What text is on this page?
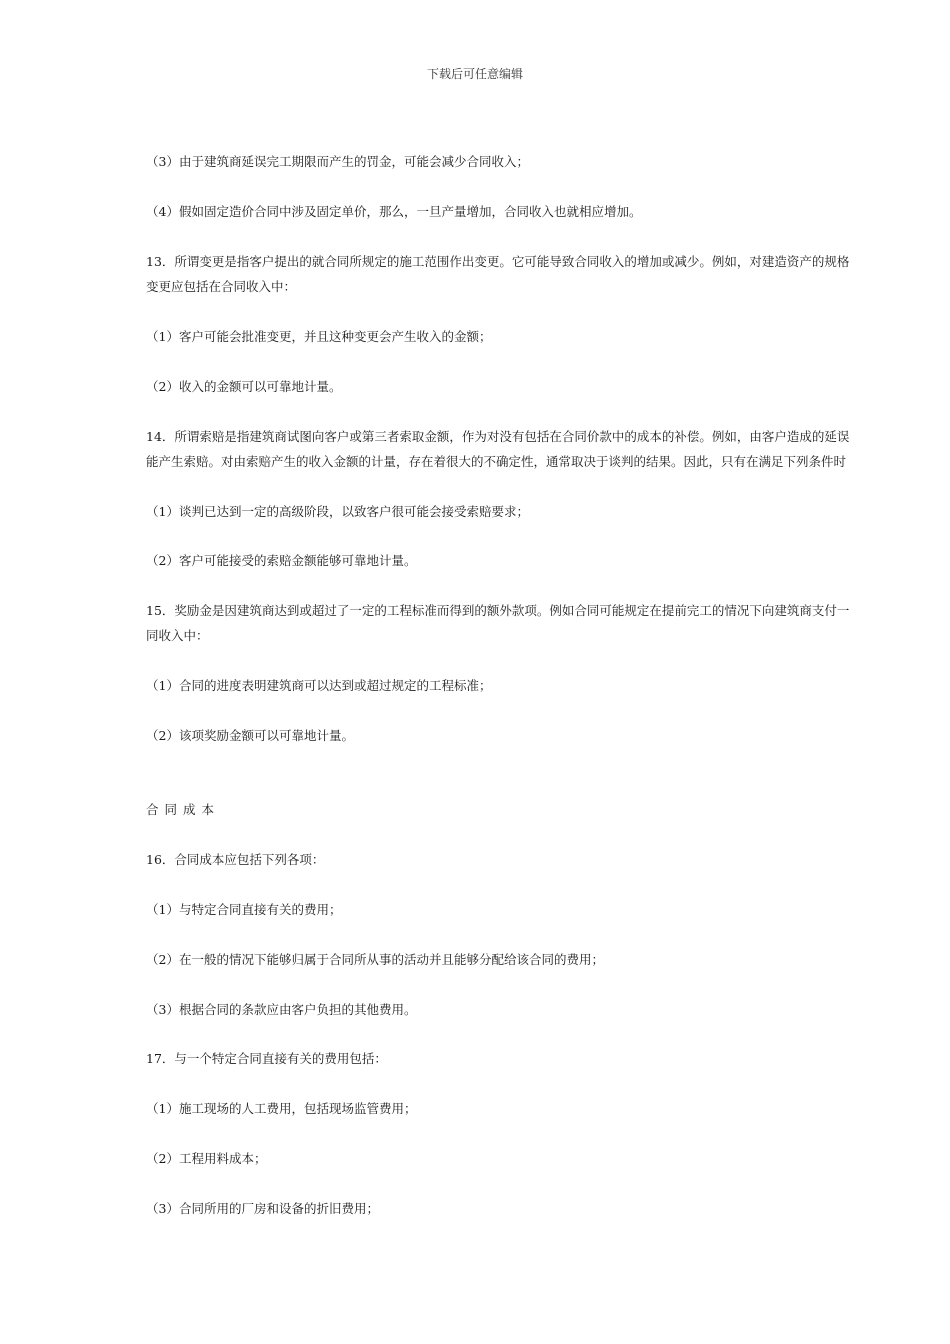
下载后可任意编辑
（3）由于建筑商延误完工期限而产生的罚金，可能会减少合同收入；
（4）假如固定造价合同中涉及固定单价，那么，一旦产量增加，合同收入也就相应增加。
13．所谓变更是指客户提出的就合同所规定的施工范围作出变更。它可能导致合同收入的增加或减少。例如，对建造资产的规格
变更应包括在合同收入中：
（1）客户可能会批准变更，并且这种变更会产生收入的金额；
（2）收入的金额可以可靠地计量。
14．所谓索赔是指建筑商试图向客户或第三者索取金额，作为对没有包括在合同价款中的成本的补偿。例如，由客户造成的延误
能产生索赔。对由索赔产生的收入金额的计量，存在着很大的不确定性，通常取决于谈判的结果。因此，只有在满足下列条件时
（1）谈判已达到一定的高级阶段，以致客户很可能会接受索赔要求；
（2）客户可能接受的索赔金额能够可靠地计量。
15．奖励金是因建筑商达到或超过了一定的工程标准而得到的额外款项。例如合同可能规定在提前完工的情况下向建筑商支付一
同收入中：
（1）合同的进度表明建筑商可以达到或超过规定的工程标准；
（2）该项奖励金额可以可靠地计量。
合同成本
16．合同成本应包括下列各项：
（1）与特定合同直接有关的费用；
（2）在一般的情况下能够归属于合同所从事的活动并且能够分配给该合同的费用；
（3）根据合同的条款应由客户负担的其他费用。
17．与一个特定合同直接有关的费用包括：
（1）施工现场的人工费用，包括现场监管费用；
（2）工程用料成本；
（3）合同所用的厂房和设备的折旧费用；
